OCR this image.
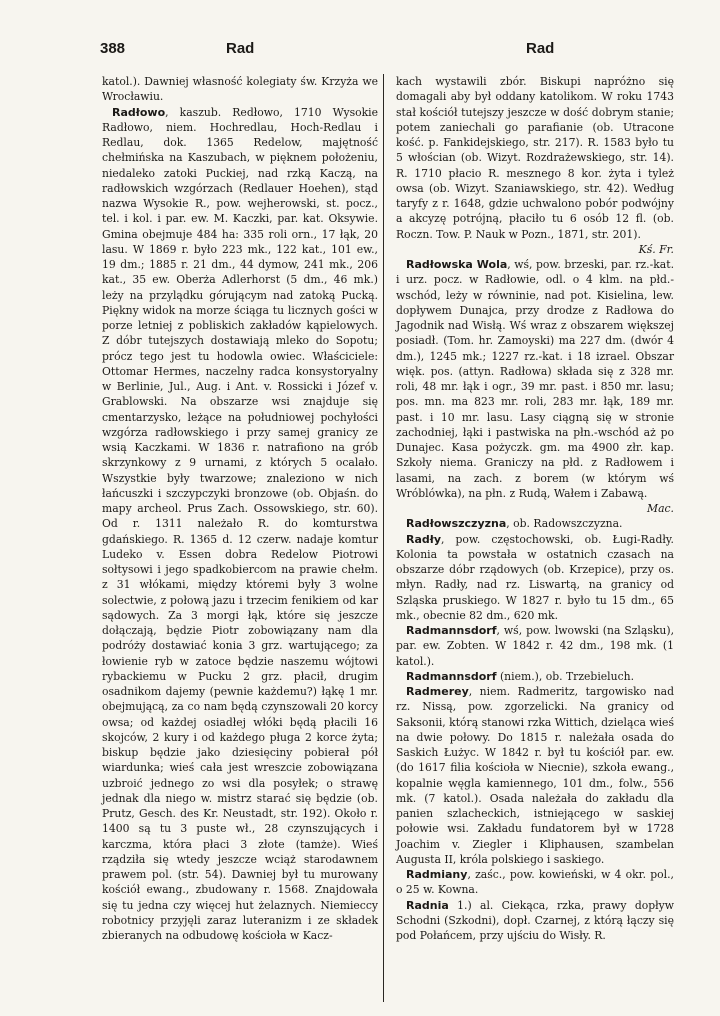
388	Rad	Rad

katol.). Dawniej własność kolegiaty św. Krzyża we Wrocławiu.

Radłowo, kaszub. Redłowo, 1710 Wysokie Radłowo, niem. Hochredlau, Hoch-Redlau i Redlau, dok. 1365 Redelow, majętność chełmińska na Kaszubach, w pięknem położeniu, niedaleko zatoki Puckiej, nad rzką Kaczą, na radłowskich wzgórzach (Redlauer Hoehen), stąd nazwa Wysokie R., pow. wejherowski, st. pocz., tel. i kol. i par. ew. M. Kaczki, par. kat. Oksywie. Gmina obejmuje 484 ha: 335 roli orn., 17 łąk, 20 lasu. W 1869 r. było 223 mk., 122 kat., 101 ew., 19 dm.; 1885 r. 21 dm., 44 dymow, 241 mk., 206 kat., 35 ew. Oberża Adlerhorst (5 dm., 46 mk.) leży na przylądku górującym nad zatoką Pucką. Piękny widok na morze ściąga tu licznych gości w porze letniej z pobliskich zakładów kąpielowych. Z dóbr tutejszych dostawiają mleko do Sopotu; prócz tego jest tu hodowla owiec. Właściciele: Ottomar Hermes, naczelny radca konsystoryalny w Berlinie, Jul., Aug. i Ant. v. Rossicki i Józef v. Grablowski. Na obszarze wsi znajduje się cmentarzysko, leżące na południowej pochyłości wzgórza radłowskiego i przy samej granicy ze wsią Kaczkami. W 1836 r. natrafiono na grób skrzynkowy z 9 urnami, z których 5 ocalało. Wszystkie były twarzowe; znaleziono w nich łańcuszki i szczypczyki bronzowe (ob. Objaśn. do mapy archeol. Prus Zach. Ossowskiego, str. 60). Od r. 1311 należało R. do komturstwa gdańskiego. R. 1365 d. 12 czerw. nadaje komtur Ludeko v. Essen dobra Redelow Piotrowi sołtysowi i jego spadkobiercom na prawie chełm. z 31 włókami, między któremi były 3 wolne solectwie, z połową jazu i trzecim fenikiem od kar sądowych. Za 3 morgi łąk, które się jeszcze dołączają, będzie Piotr zobowiązany nam dla podróży dostawiać konia 3 grz. wartującego; za łowienie ryb w zatoce będzie naszemu wójtowi rybackiemu w Pucku 2 grz. płacił, drugim osadnikom dajemy (pewnie każdemu?) łąkę 1 mr. obejmującą, za co nam będą czynszowali 20 korcy owsa; od każdej osiadłej włóki będą płacili 16 skojców, 2 kury i od każdego pługa 2 korce żyta; biskup będzie jako dziesięciny pobierał pół wiardunka; wieś cała jest wreszcie zobowiązana uzbroić jednego zo wsi dla posyłek; o strawę jednak dla niego w. mistrz starać się będzie (ob. Prutz, Gesch. des Kr. Neustadt, str. 192). Około r. 1400 są tu 3 puste wł., 28 czynszujących i karczma, która płaci 3 złote (tamże). Wieś rządziła się wtedy jeszcze wciąż starodawnem prawem pol. (str. 54). Dawniej był tu murowany kościół ewang., zbudowany r. 1568. Znajdowała się tu jedna czy więcej hut żelaznych. Niemieccy robotnicy przyjęli zaraz luteranizm i ze składek zbieranych na odbudowę kościoła w Kacz-

kach wystawili zbór. Biskupi napróżno się domagali aby był oddany katolikom. W roku 1743 stał kościół tutejszy jeszcze w dość dobrym stanie; potem zaniechali go parafianie (ob. Utracone kość. p. Fankidejskiego, str. 217). R. 1583 było tu 5 włościan (ob. Wizyt. Rozdrażewskiego, str. 14). R. 1710 płacio R. mesznego 8 kor. żyta i tyleż owsa (ob. Wizyt. Szaniawskiego, str. 42). Według taryfy z r. 1648, gdzie uchwalono pobór podwójny a akcyzę potrójną, płaciło tu 6 osób 12 fl. (ob. Roczn. Tow. P. Nauk w Pozn., 1871, str. 201).
Kś. Fr.

Radłowska Wola, wś, pow. brzeski, par. rz.-kat. i urz. pocz. w Radłowie, odl. o 4 klm. na płd.-wschód, leży w równinie, nad pot. Kisielina, lew. dopływem Dunajca, przy drodze z Radłowa do Jagodnik nad Wisłą. Wś wraz z obszarem większej posiadł. (Tom. hr. Zamoyski) ma 227 dm. (dwór 4 dm.), 1245 mk.; 1227 rz.-kat. i 18 izrael. Obszar więk. pos. (attyn. Radłowa) składa się z 328 mr. roli, 48 mr. łąk i ogr., 39 mr. past. i 850 mr. lasu; pos. mn. ma 823 mr. roli, 283 mr. łąk, 189 mr. past. i 10 mr. lasu. Lasy ciągną się w stronie zachodniej, łąki i pastwiska na płn.-wschód aż po Dunajec. Kasa pożyczk. gm. ma 4900 złr. kap. Szkoły niema. Graniczy na płd. z Radłowem i lasami, na zach. z borem (w którym wś Wróblówka), na płn. z Rudą, Wałem i Zabawą.
Mac.

Radłowszczyzna, ob. Radowszczyzna.

Radły, pow. częstochowski, ob. Ługi-Radły. Kolonia ta powstała w ostatnich czasach na obszarze dóbr rządowych (ob. Krzepice), przy os. młyn. Radły, nad rz. Liswartą, na granicy od Szląska pruskiego. W 1827 r. było tu 15 dm., 65 mk., obecnie 82 dm., 620 mk.

Radmannsdorf, wś, pow. lwowski (na Szląsku), par. ew. Zobten. W 1842 r. 42 dm., 198 mk. (1 katol.).

Radmannsdorf (niem.), ob. Trzebieluch.

Radmerey, niem. Radmeritz, targowisko nad rz. Nissą, pow. zgorzelicki. Na granicy od Saksonii, którą stanowi rzka Wittich, dzieląca wieś na dwie połowy. Do 1815 r. należała osada do Saskich Łużyc. W 1842 r. był tu kościół par. ew. (do 1617 filia kościoła w Niecnie), szkoła ewang., kopalnie węgla kamiennego, 101 dm., folw., 556 mk. (7 katol.). Osada należała do zakładu dla panien szlacheckich, istniejącego w saskiej połowie wsi. Zakładu fundatorem był w 1728 Joachim v. Ziegler i Kliphausen, szambelan Augusta II, króla polskiego i saskiego.

Radmiany, zaśc., pow. kowieński, w 4 okr. pol., o 25 w. Kowna.

Radnia 1.) al. Ciekąca, rzka, prawy dopływ Schodni (Szkodni), dopł. Czarnej, z którą łączy się pod Połańcem, przy ujściu do Wisły. R.
